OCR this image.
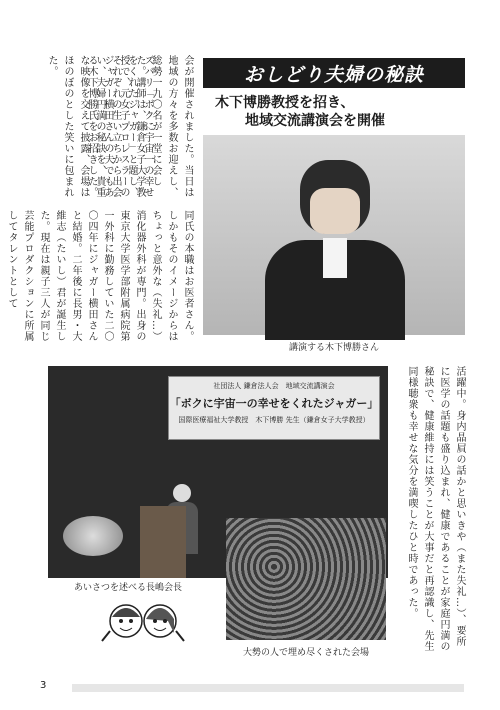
会が開催されました。当日は地域の方々を多数お迎えし、総勢一九〇名が一堂に会した。講師は、鎌倉女子大学教授で、元女子プロレスラーのジャガー横田さんの夫でもある木下博勝氏をお招きした。	ズバリ「ボクに宇宙一の幸せをくれたジャガー」と題し、それぞれの生い立ちから出会い、夫婦円満の秘訣を、貴重な映像を交えて披露、会場はほのぼのとした笑いに包まれた。	おしどり夫婦の秘訣
木下博勝教授を招き、
地域交流講演会を開催
講演する木下博勝さん
同氏の本職はお医者さん。しかもそのイメージからはちょっと意外な（失礼…）消化器外科が専門。出身の東京大学医学部附属病院第一外科に勤務していた二〇〇四年にジャガー横田さんと結婚。二年後に長男・大維志（たいし）君が誕生した。現在は親子三人が同じ芸能プロダクションに所属してタレントとして
社団法人 鎌倉法人会　地域交流講演会
「ボクに宇宙一の幸せをくれたジャガー」
国際医療福祉大学教授　木下博勝 先生（鎌倉女子大学教授）
あいさつを述べる長嶋会長	活躍中。身内晶屓の話かと思いきや（また失礼…）、要所に医学の話題も盛り込まれ、健康であることが家庭円満の秘訣で、健康維持には笑うことが大事だと再認識し、先生同様聴衆も幸せな気分を満喫したひと時であった。
大勢の人で埋め尽くされた会場
3
